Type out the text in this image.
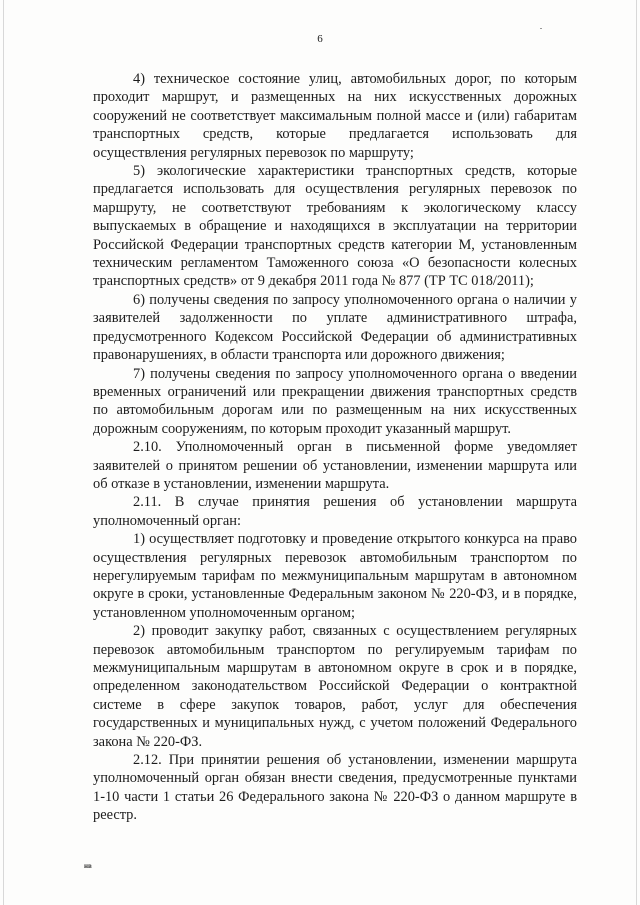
6

4) техническое состояние улиц, автомобильных дорог, по которым проходит маршрут, и размещенных на них искусственных дорожных сооружений не соответствует максимальным полной массе и (или) габаритам транспортных средств, которые предлагается использовать для осуществления регулярных перевозок по маршруту;

5) экологические характеристики транспортных средств, которые предлагается использовать для осуществления регулярных перевозок по маршруту, не соответствуют требованиям к экологическому классу выпускаемых в обращение и находящихся в эксплуатации на территории Российской Федерации транспортных средств категории М, установленным техническим регламентом Таможенного союза «О безопасности колесных транспортных средств» от 9 декабря 2011 года № 877 (ТР ТС 018/2011);

6) получены сведения по запросу уполномоченного органа о наличии у заявителей задолженности по уплате административного штрафа, предусмотренного Кодексом Российской Федерации об административных правонарушениях, в области транспорта или дорожного движения;

7) получены сведения по запросу уполномоченного органа о введении временных ограничений или прекращении движения транспортных средств по автомобильным дорогам или по размещенным на них искусственных дорожным сооружениям, по которым проходит указанный маршрут.

2.10. Уполномоченный орган в письменной форме уведомляет заявителей о принятом решении об установлении, изменении маршрута или об отказе в установлении, изменении маршрута.

2.11. В случае принятия решения об установлении маршрута уполномоченный орган:

1) осуществляет подготовку и проведение открытого конкурса на право осуществления регулярных перевозок автомобильным транспортом по нерегулируемым тарифам по межмуниципальным маршрутам в автономном округе в сроки, установленные Федеральным законом № 220-ФЗ, и в порядке, установленном уполномоченным органом;

2) проводит закупку работ, связанных с осуществлением регулярных перевозок автомобильным транспортом по регулируемым тарифам по межмуниципальным маршрутам в автономном округе в срок и в порядке, определенном законодательством Российской Федерации о контрактной системе в сфере закупок товаров, работ, услуг для обеспечения государственных и муниципальных нужд, с учетом положений Федерального закона № 220-ФЗ.

2.12. При принятии решения об установлении, изменении маршрута уполномоченный орган обязан внести сведения, предусмотренные пунктами 1-10 части 1 статьи 26 Федерального закона № 220-ФЗ о данном маршруте в реестр.

нв
